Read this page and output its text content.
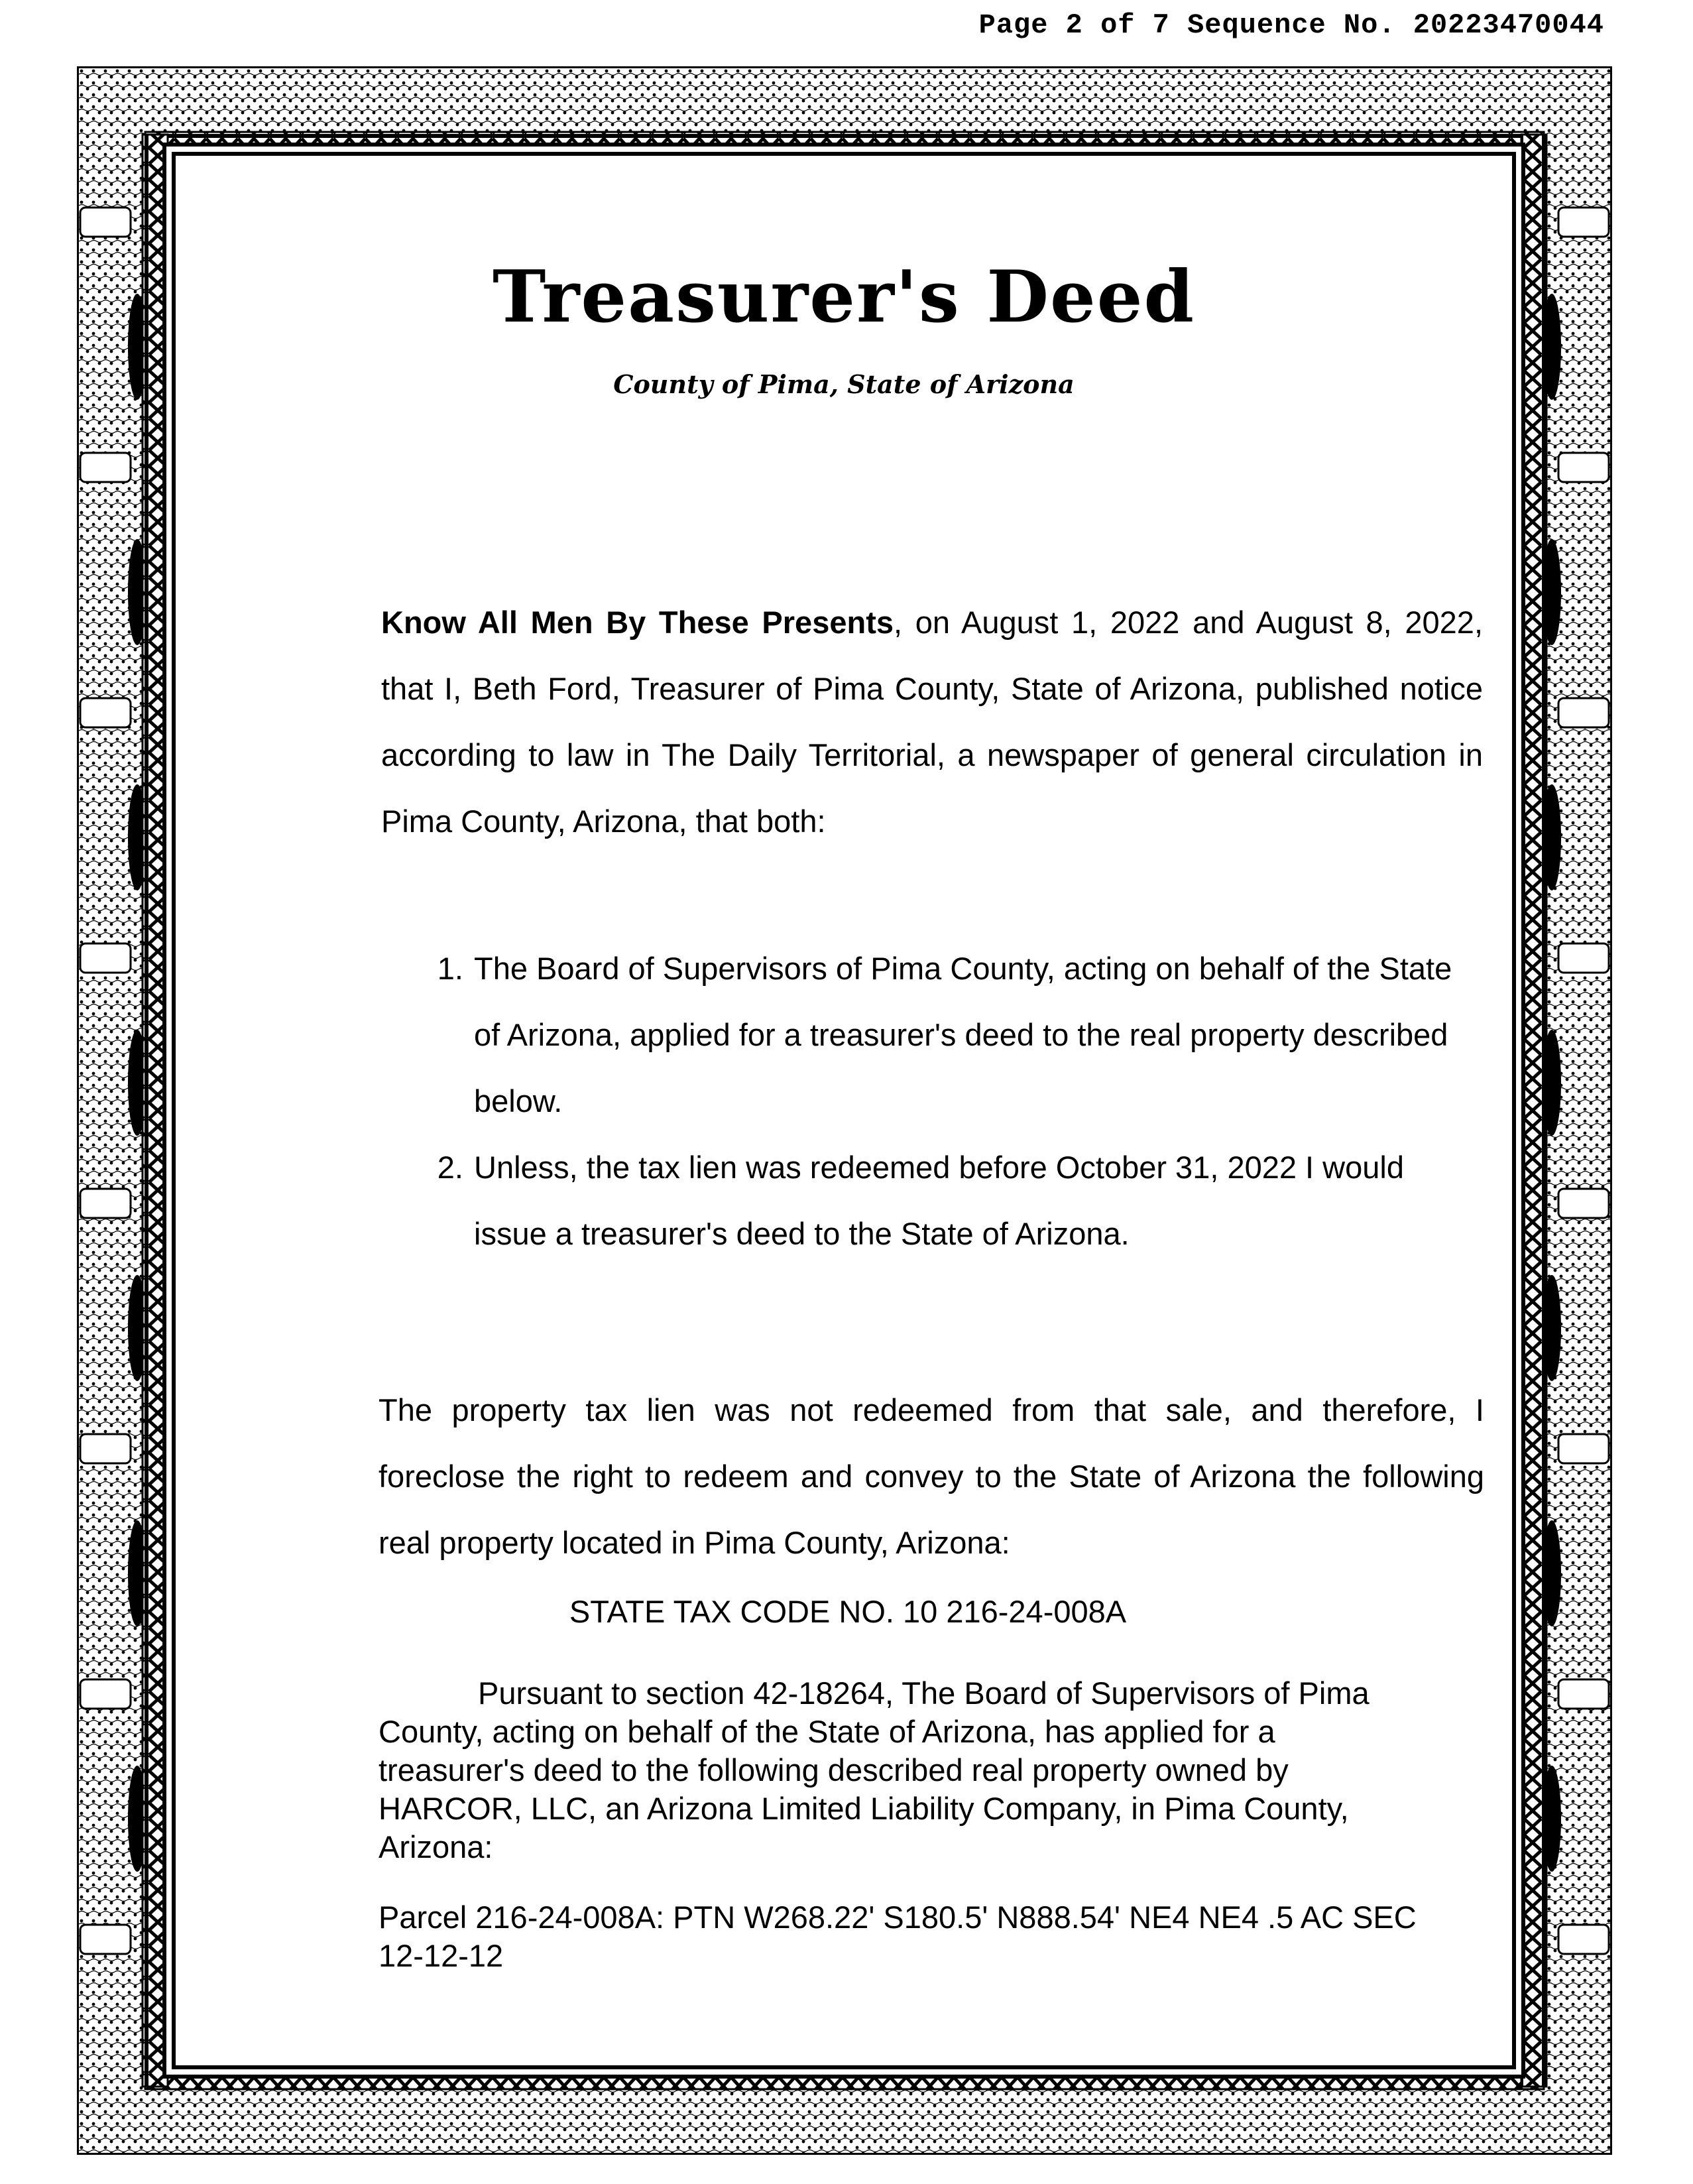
Page 2 of 7 Sequence No. 20223470044
Treasurer's Deed
County of Pima, State of Arizona

Know All Men By These Presents, on August 1, 2022 and August 8, 2022, that I, Beth Ford, Treasurer of Pima County, State of Arizona, published notice according to law in The Daily Territorial, a newspaper of general circulation in Pima County, Arizona, that both:

1. The Board of Supervisors of Pima County, acting on behalf of the State of Arizona, applied for a treasurer's deed to the real property described below.
2. Unless, the tax lien was redeemed before October 31, 2022 I would issue a treasurer's deed to the State of Arizona.

The property tax lien was not redeemed from that sale, and therefore, I foreclose the right to redeem and convey to the State of Arizona the following real property located in Pima County, Arizona:

STATE TAX CODE NO. 10 216-24-008A

Pursuant to section 42-18264, The Board of Supervisors of Pima County, acting on behalf of the State of Arizona, has applied for a treasurer's deed to the following described real property owned by HARCOR, LLC, an Arizona Limited Liability Company, in Pima County, Arizona:

Parcel 216-24-008A: PTN W268.22' S180.5' N888.54' NE4 NE4 .5 AC SEC 12-12-12
